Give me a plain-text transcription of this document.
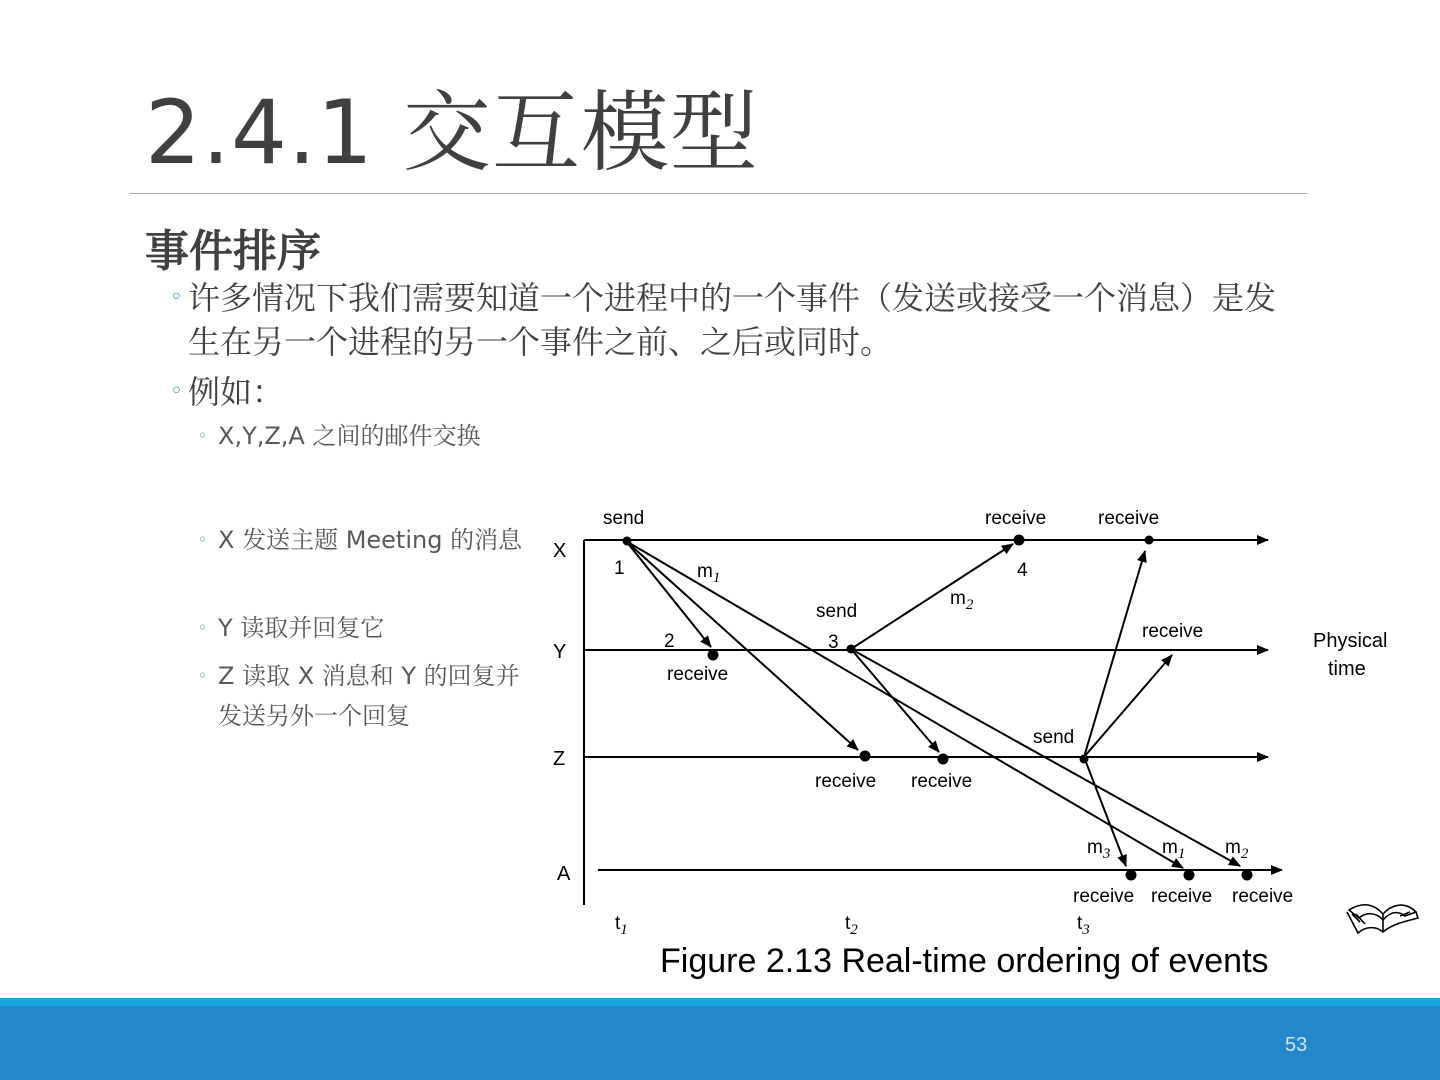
2.4.1 交互模型
事件排序
◦ 许多情况下我们需要知道一个进程中的一个事件（发送或接受一个消息）是发生在另一个进程的另一个事件之前、之后或同时。
◦ 例如：
◦ X,Y,Z,A 之间的邮件交换
◦ X 发送主题 Meeting 的消息
◦ Y 读取并回复它
◦ Z 读取 X 消息和 Y 的回复并发送另外一个回复
X
Y
Z
A
send	receive	receive
send
receive
receive
send
receive receive
receive receive receive
1
2	3
4
$m_1$
$m_2$
$m_3$	$m_1$ $m_2$
$t_1$	$t_2$	$t_3$
Physical
time
Figure 2.13 Real-time ordering of events
53
